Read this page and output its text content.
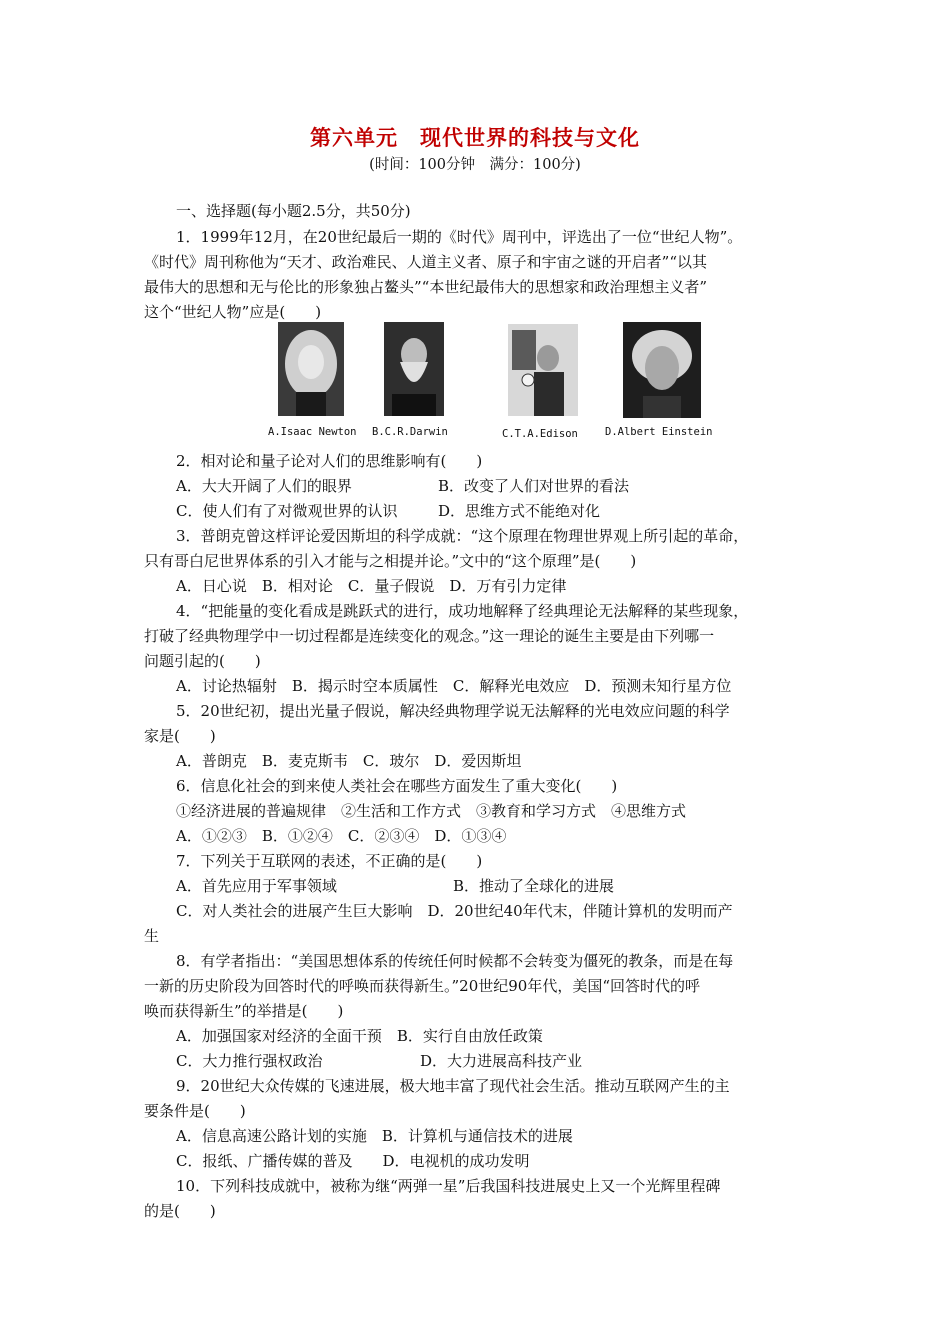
第六单元　现代世界的科技与文化
(时间：100分钟　满分：100分)
一、选择题(每小题2.5分，共50分)
1．1999年12月，在20世纪最后一期的《时代》周刊中，评选出了一位“世纪人物”。
《时代》周刊称他为“天才、政治难民、人道主义者、原子和宇宙之谜的开启者”“以其
最伟大的思想和无与伦比的形象独占鳌头”“本世纪最伟大的思想家和政治理想主义者”
这个“世纪人物”应是(　　)
A.Isaac Newton B.C.R.Darwin	C.T.A.Edison	D.Albert Einstein
2．相对论和量子论对人们的思维影响有(　　)
A．大大开阔了人们的眼界	B．改变了人们对世界的看法
C．使人们有了对微观世界的认识	D．思维方式不能绝对化
3．普朗克曾这样评论爱因斯坦的科学成就：“这个原理在物理世界观上所引起的革命，
只有哥白尼世界体系的引入才能与之相提并论。”文中的“这个原理”是(　　)
A．日心说　B．相对论　C．量子假说　D．万有引力定律
4．“把能量的变化看成是跳跃式的进行，成功地解释了经典理论无法解释的某些现象，
打破了经典物理学中一切过程都是连续变化的观念。”这一理论的诞生主要是由下列哪一
问题引起的(　　)
A．讨论热辐射　B．揭示时空本质属性　C．解释光电效应　D．预测未知行星方位
5．20世纪初，提出光量子假说，解决经典物理学说无法解释的光电效应问题的科学
家是(　　)
A．普朗克　B．麦克斯韦　C．玻尔　D．爱因斯坦
6．信息化社会的到来使人类社会在哪些方面发生了重大变化(　　)
①经济进展的普遍规律　②生活和工作方式　③教育和学习方式　④思维方式
A．①②③　B．①②④　C．②③④　D．①③④
7．下列关于互联网的表述，不正确的是(　　)
A．首先应用于军事领域	B．推动了全球化的进展
C．对人类社会的进展产生巨大影响　D．20世纪40年代末，伴随计算机的发明而产
生
8．有学者指出：“美国思想体系的传统任何时候都不会转变为僵死的教条，而是在每
一新的历史阶段为回答时代的呼唤而获得新生。”20世纪90年代，美国“回答时代的呼
唤而获得新生”的举措是(　　)
A．加强国家对经济的全面干预　B．实行自由放任政策
C．大力推行强权政治	D．大力进展高科技产业
9．20世纪大众传媒的飞速进展，极大地丰富了现代社会生活。推动互联网产生的主
要条件是(　　)
A．信息高速公路计划的实施　B．计算机与通信技术的进展
C．报纸、广播传媒的普及　　D．电视机的成功发明
10．下列科技成就中，被称为继“两弹一星”后我国科技进展史上又一个光辉里程碑
的是(　　)
